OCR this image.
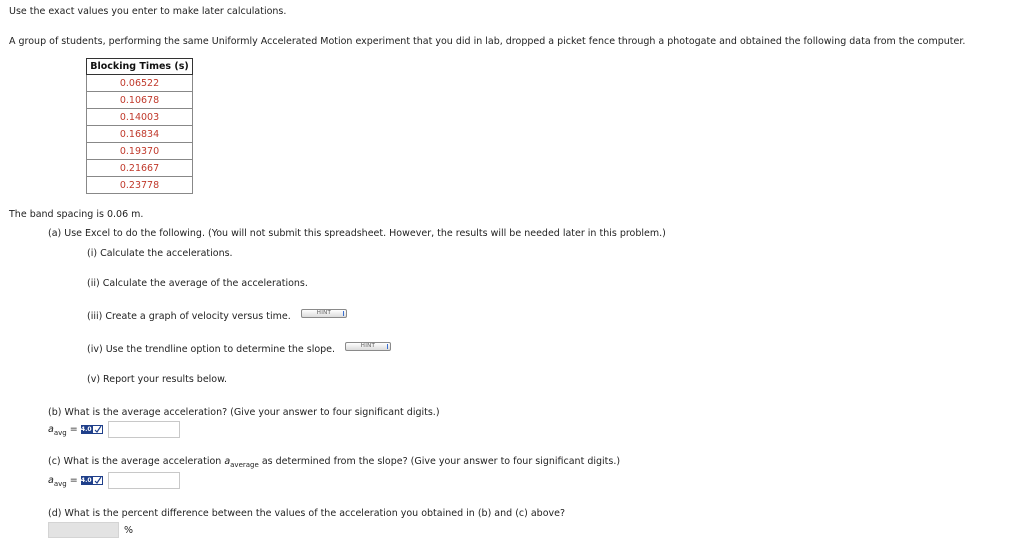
Use the exact values you enter to make later calculations.
A group of students, performing the same Uniformly Accelerated Motion experiment that you did in lab, dropped a picket fence through a photogate and obtained the following data from the computer.
Blocking Times (s)
0.06522
0.10678
0.14003
0.16834
0.19370
0.21667
0.23778
The band spacing is 0.06 m.
(a) Use Excel to do the following. (You will not submit this spreadsheet. However, the results will be needed later in this problem.)
(i) Calculate the accelerations.
(ii) Calculate the average of the accelerations.
(iii) Create a graph of velocity versus time.	HINT
(iv) Use the trendline option to determine the slope.	HINT
(v) Report your results below.
(b) What is the average acceleration? (Give your answer to four significant digits.)
$a_{avg} = 4.0$
(c) What is the average acceleration $a_{average}$ as determined from the slope? (Give your answer to four significant digits.)
$a_{avg} = 4.0$
(d) What is the percent difference between the values of the acceleration you obtained in (b) and (c) above?
%
